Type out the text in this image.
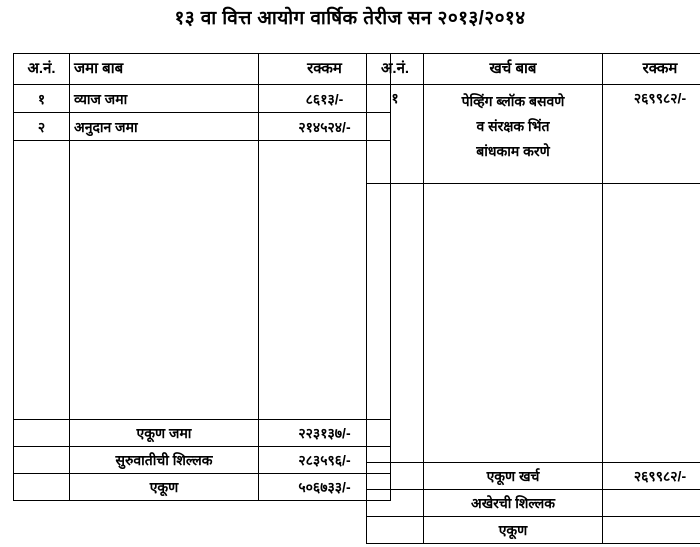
१३ वा वित्त आयोग वार्षिक तेरीज सन २०१३/२०१४
अ.नं.	जमा बाब	रक्कम
१	व्याज जमा	८६१३/-
२	अनुदान जमा	२१४५२४/-

	एकूण जमा	२२३१३७/-
	सुरुवातीची शिल्लक	२८३५९६/-
	एकूण	५०६७३३/-
अ.नं.	खर्च बाब	रक्कम
१	पेव्हिंग ब्लॉक बसवणे
व संरक्षक भिंत
बांधकाम करणे	२६९९८२/-

	एकूण खर्च	२६९९८२/-
	अखेरची शिल्लक	
	एकूण	
